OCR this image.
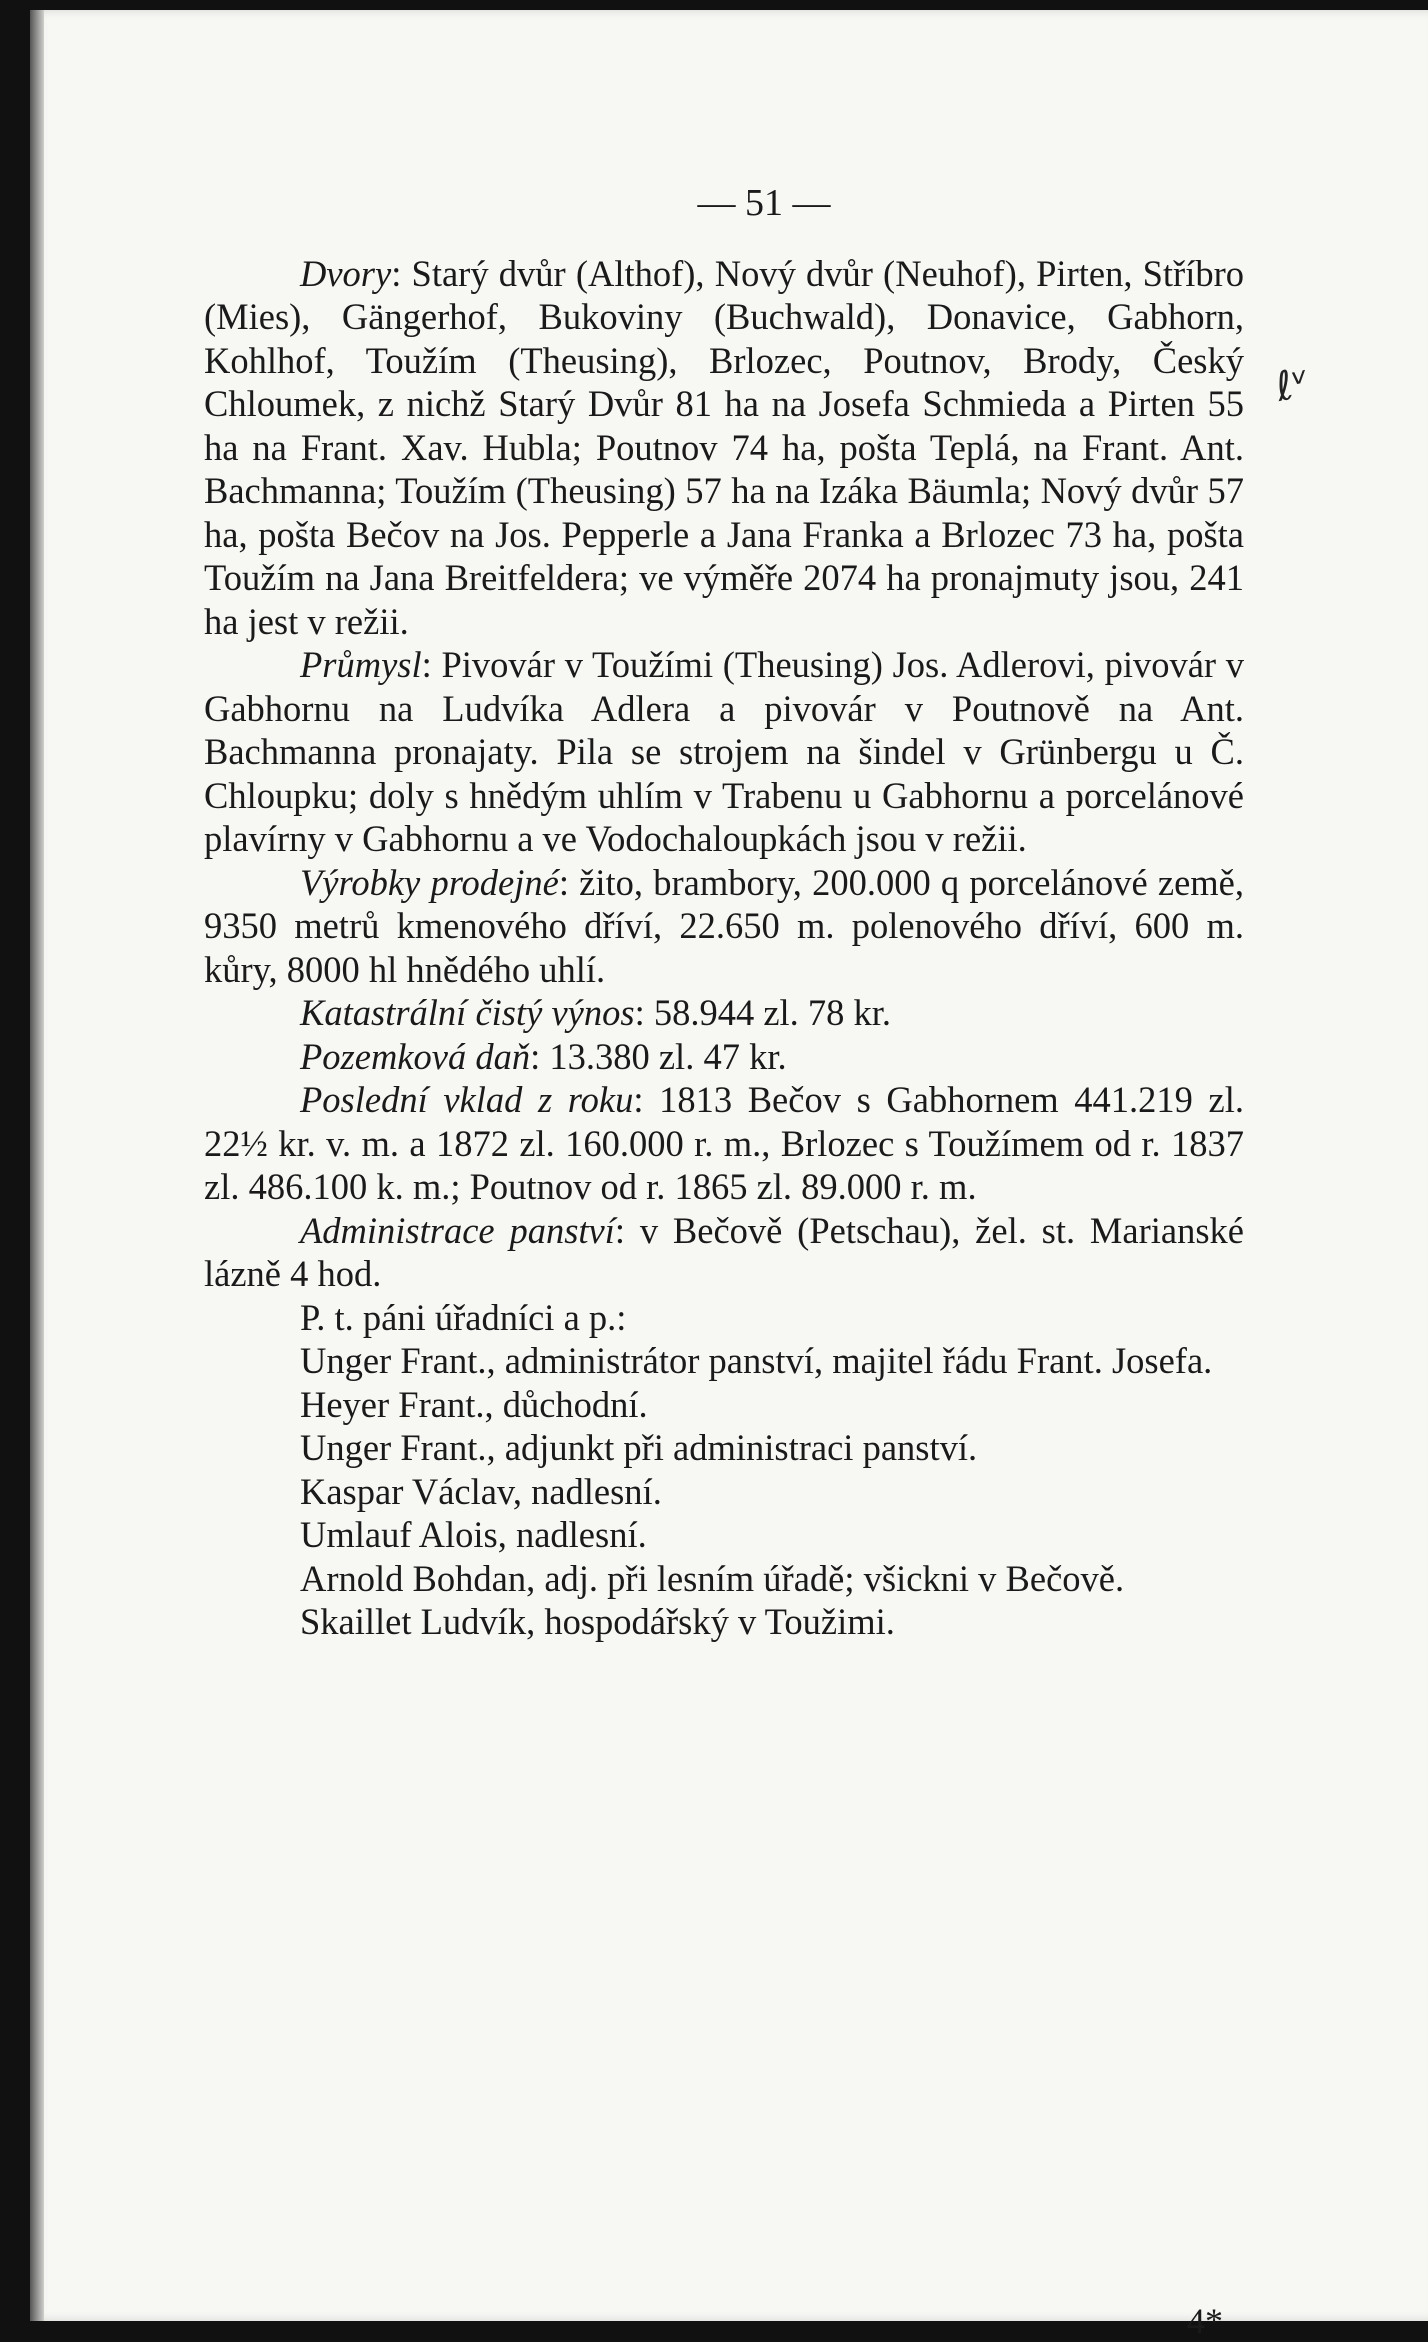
ℓᵛ
— 51 —

Dvory: Starý dvůr (Althof), Nový dvůr (Neuhof), Pirten, Stříbro (Mies), Gängerhof, Bukoviny (Buchwald), Donavice, Gabhorn, Kohlhof, Toužím (Theusing), Brlozec, Poutnov, Brody, Český Chloumek, z nichž Starý Dvůr 81 ha na Josefa Schmieda a Pirten 55 ha na Frant. Xav. Hubla; Poutnov 74 ha, pošta Teplá, na Frant. Ant. Bachmanna; Toužím (Theusing) 57 ha na Izáka Bäumla; Nový dvůr 57 ha, pošta Bečov na Jos. Pepperle a Jana Franka a Brlozec 73 ha, pošta Toužím na Jana Breitfeldera; ve výměře 2074 ha pronajmuty jsou, 241 ha jest v režii.

Průmysl: Pivovár v Toužími (Theusing) Jos. Adlerovi, pivovár v Gabhornu na Ludvíka Adlera a pivovár v Poutnově na Ant. Bachmanna pronajaty. Pila se strojem na šindel v Grünbergu u Č. Chloupku; doly s hnědým uhlím v Trabenu u Gabhornu a porcelánové plavírny v Gabhornu a ve Vodochaloupkách jsou v režii.

Výrobky prodejné: žito, brambory, 200.000 q porcelánové země, 9350 metrů kmenového dříví, 22.650 m. polenového dříví, 600 m. kůry, 8000 hl hnědého uhlí.

Katastrální čistý výnos: 58.944 zl. 78 kr.

Pozemková daň: 13.380 zl. 47 kr.

Poslední vklad z roku: 1813 Bečov s Gabhornem 441.219 zl. 22½ kr. v. m. a 1872 zl. 160.000 r. m., Brlozec s Toužímem od r. 1837 zl. 486.100 k. m.; Poutnov od r. 1865 zl. 89.000 r. m.

Administrace panství: v Bečově (Petschau), žel. st. Marianské lázně 4 hod.

P. t. páni úřadníci a p.:

Unger Frant., administrátor panství, majitel řádu Frant. Josefa.

Heyer Frant., důchodní.

Unger Frant., adjunkt při administraci panství.

Kaspar Václav, nadlesní.

Umlauf Alois, nadlesní.

Arnold Bohdan, adj. při lesním úřadě; všickni v Bečově.

Skaillet Ludvík, hospodářský v Toužimi.

4*
